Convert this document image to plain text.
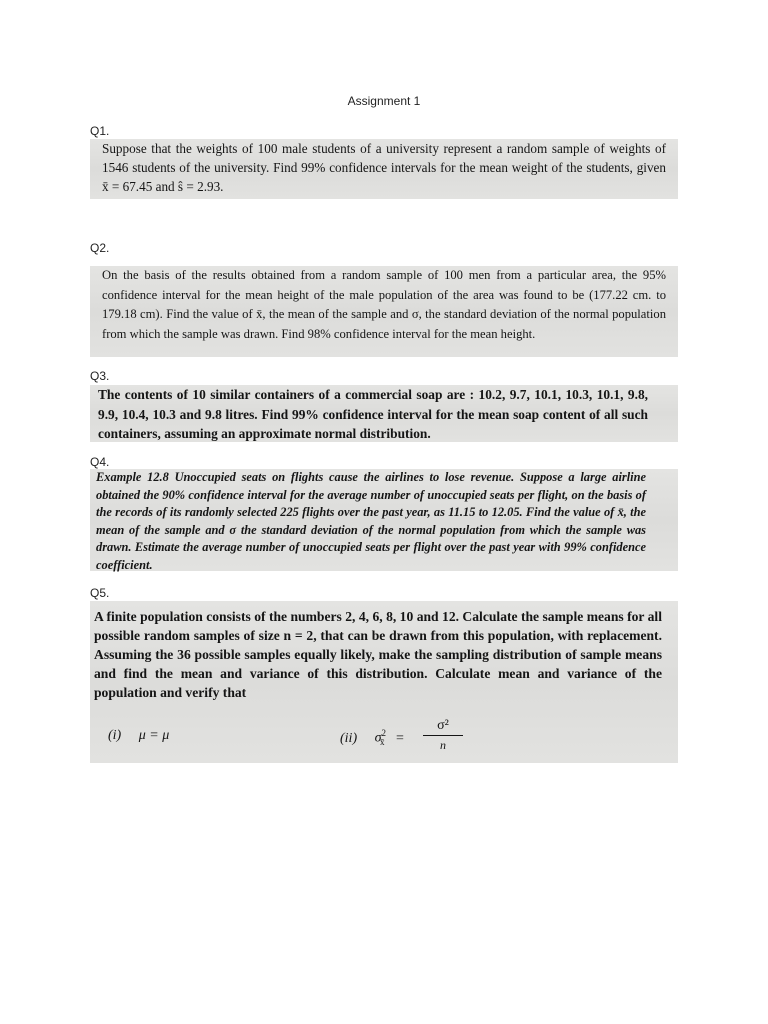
Assignment 1
Q1.
Suppose that the weights of 100 male students of a university represent a random sample of weights of 1546 students of the university. Find 99% confidence intervals for the mean weight of the students, given x̄ = 67.45 and ŝ = 2.93.
Q2.
On the basis of the results obtained from a random sample of 100 men from a particular area, the 95% confidence interval for the mean height of the male population of the area was found to be (177.22 cm. to 179.18 cm). Find the value of x̄, the mean of the sample and σ, the standard deviation of the normal population from which the sample was drawn. Find 98% confidence interval for the mean height.
Q3.
The contents of 10 similar containers of a commercial soap are : 10.2, 9.7, 10.1, 10.3, 10.1, 9.8, 9.9, 10.4, 10.3 and 9.8 litres. Find 99% confidence interval for the mean soap content of all such containers, assuming an approximate normal distribution.
Q4.
Example 12.8 Unoccupied seats on flights cause the airlines to lose revenue. Suppose a large airline obtained the 90% confidence interval for the average number of unoccupied seats per flight, on the basis of the records of its randomly selected 225 flights over the past year, as 11.15 to 12.05. Find the value of x̄, the mean of the sample and σ the standard deviation of the normal population from which the sample was drawn. Estimate the average number of unoccupied seats per flight over the past year with 99% confidence coefficient.
Q5.
A finite population consists of the numbers 2, 4, 6, 8, 10 and 12. Calculate the sample means for all possible random samples of size n = 2, that can be drawn from this population, with replacement. Assuming the 36 possible samples equally likely, make the sampling distribution of sample means and find the mean and variance of this distribution. Calculate mean and variance of the population and verify that
(i) μ = μ	(ii) $\sigma^2_{x̄} = \frac{\text{σ²}}{n}$
